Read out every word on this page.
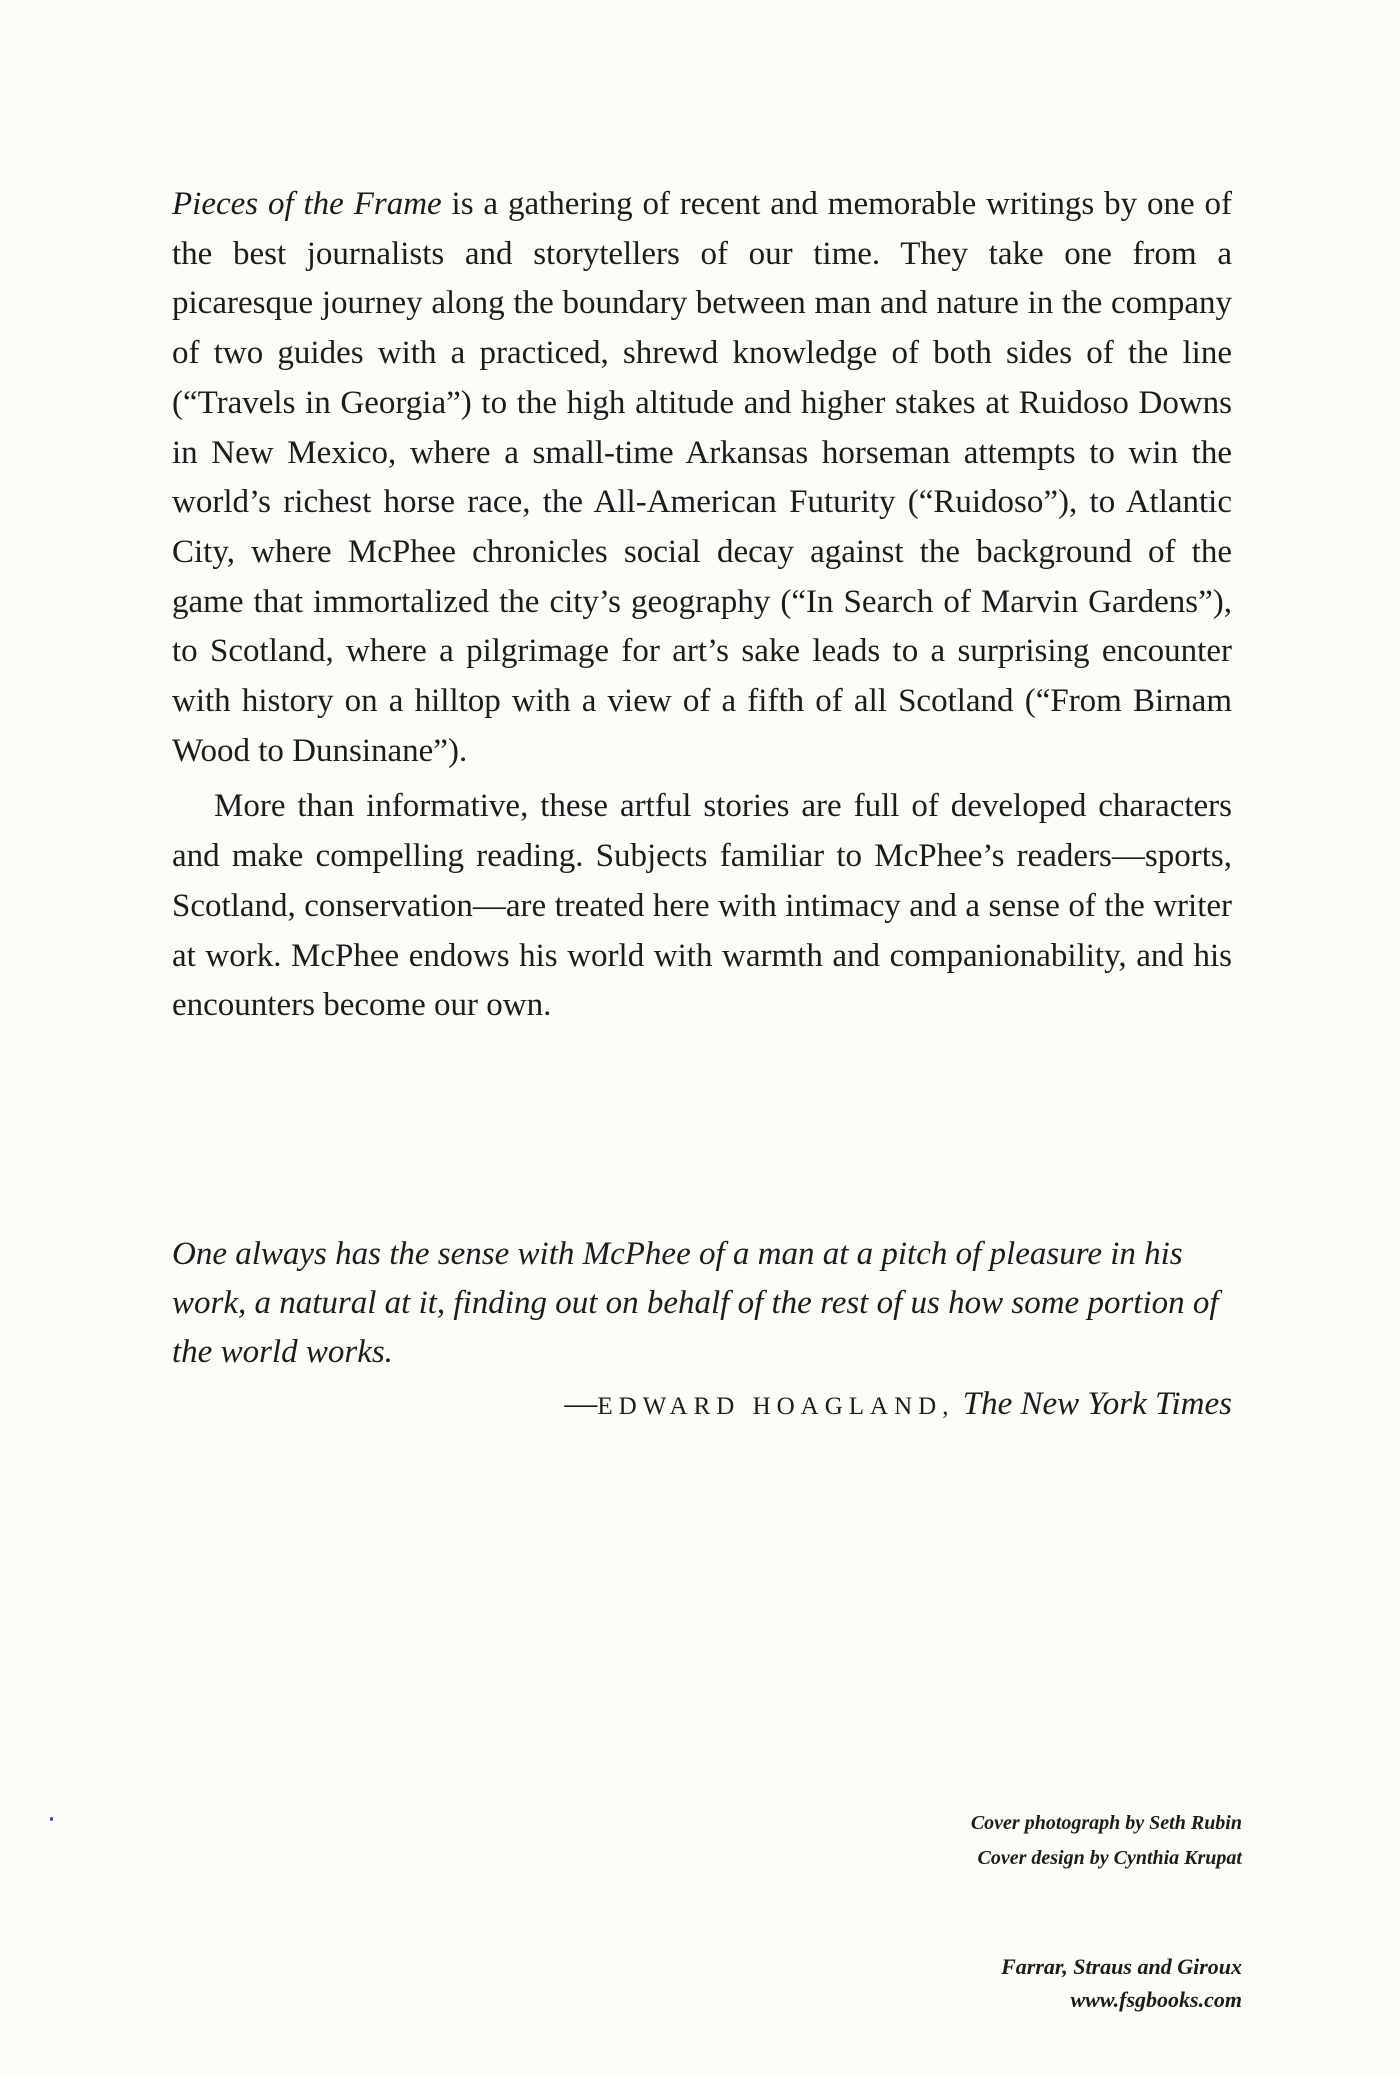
Pieces of the Frame is a gathering of recent and memorable writings by one of the best journalists and storytellers of our time. They take one from a picaresque journey along the boundary between man and nature in the company of two guides with a practiced, shrewd knowledge of both sides of the line (“Travels in Georgia”) to the high altitude and higher stakes at Ruidoso Downs in New Mexico, where a small-time Arkansas horseman attempts to win the world’s richest horse race, the All-American Futurity (“Ruidoso”), to Atlantic City, where McPhee chronicles social decay against the background of the game that immortalized the city’s geography (“In Search of Marvin Gardens”), to Scotland, where a pilgrimage for art’s sake leads to a surprising encounter with history on a hilltop with a view of a fifth of all Scotland (“From Birnam Wood to Dunsinane”).

More than informative, these artful stories are full of developed characters and make compelling reading. Subjects familiar to McPhee’s readers—sports, Scotland, conservation—are treated here with intimacy and a sense of the writer at work. McPhee endows his world with warmth and companionability, and his encounters become our own.

One always has the sense with McPhee of a man at a pitch of pleasure in his work, a natural at it, finding out on behalf of the rest of us how some portion of the world works.

—EDWARD HOAGLAND, The New York Times
Cover photograph by Seth Rubin
Cover design by Cynthia Krupat
Farrar, Straus and Giroux
www.fsgbooks.com
